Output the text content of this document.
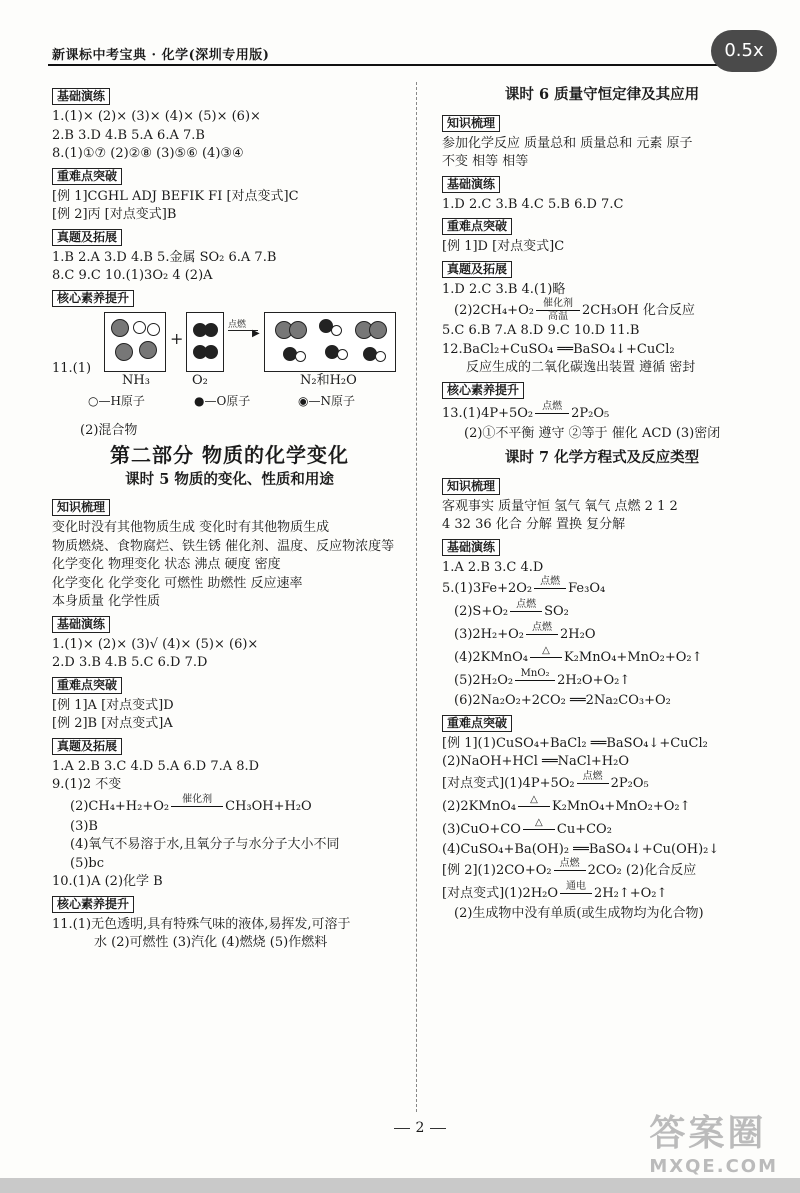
新课标中考宝典 · 化学(深圳专用版)	0.5x
基础演练
1.(1)× (2)× (3)× (4)× (5)× (6)×
2.B 3.D 4.B 5.A 6.A 7.B
8.(1)①⑦ (2)②⑧ (3)⑤⑥ (4)③④
重难点突破
[例 1]CGHL ADJ BEFIK FI [对点变式]C
[例 2]丙 [对点变式]B
真题及拓展
1.B 2.A 3.D 4.B 5.金属 SO₂ 6.A 7.B
8.C 9.C 10.(1)3O₂ 4 (2)A
核心素养提升
11.(1)
+
点燃
▶
NH₃	O₂	N₂和H₂O
○—H原子	●—O原子	◉—N原子
(2)混合物
第二部分 物质的化学变化
课时 5 物质的变化、性质和用途
知识梳理
变化时没有其他物质生成 变化时有其他物质生成
物质燃烧、食物腐烂、铁生锈 催化剂、温度、反应物浓度等
化学变化 物理变化 状态 沸点 硬度 密度
化学变化 化学变化 可燃性 助燃性 反应速率
本身质量 化学性质
基础演练
1.(1)× (2)× (3)√ (4)× (5)× (6)×
2.D 3.B 4.B 5.C 6.D 7.D
重难点突破
[例 1]A [对点变式]D
[例 2]B [对点变式]A
真题及拓展
1.A 2.B 3.C 4.D 5.A 6.D 7.A 8.D
9.(1)2 不变
(2)CH₄+H₂+O₂	催化剂
	CH₃OH+H₂O
(3)B
(4)氧气不易溶于水,且氧分子与水分子大小不同
(5)bc
10.(1)A (2)化学 B
核心素养提升
11.(1)无色透明,具有特殊气味的液体,易挥发,可溶于
水 (2)可燃性 (3)汽化 (4)燃烧 (5)作燃料
课时 6 质量守恒定律及其应用
知识梳理
参加化学反应 质量总和 质量总和 元素 原子
不变 相等 相等
基础演练
1.D 2.C 3.B 4.C 5.B 6.D 7.C
重难点突破
[例 1]D [对点变式]C
真题及拓展
1.D 2.C 3.B 4.(1)略
(2)2CH₄+O₂ 催化剂
高温	2CH₃OH 化合反应
5.C 6.B 7.A 8.D 9.C 10.D 11.B
12.BaCl₂+CuSO₄ ══BaSO₄↓+CuCl₂
反应生成的二氧化碳逸出装置 遵循 密封
核心素养提升
13.(1)4P+5O₂ 点燃
2P₂O₅
(2)①不平衡 遵守 ②等于 催化 ACD (3)密闭
课时 7 化学方程式及反应类型
知识梳理
客观事实 质量守恒 氢气 氧气 点燃 2 1 2
4 32 36 化合 分解 置换 复分解
基础演练
1.A 2.B 3.C 4.D
5.(1)3Fe+2O₂ 点燃
Fe₃O₄
(2)S+O₂ 点燃
SO₂
(3)2H₂+O₂ 点燃
2H₂O
(4)2KMnO₄	△
	K₂MnO₄+MnO₂+O₂↑
(5)2H₂O₂ MnO₂
2H₂O+O₂↑
(6)2Na₂O₂+2CO₂ ══2Na₂CO₃+O₂
重难点突破
[例 1](1)CuSO₄+BaCl₂ ══BaSO₄↓+CuCl₂
(2)NaOH+HCl ══NaCl+H₂O
[对点变式](1)4P+5O₂ 点燃
2P₂O₅
(2)2KMnO₄	△
	K₂MnO₄+MnO₂+O₂↑
(3)CuO+CO	△
	Cu+CO₂
(4)CuSO₄+Ba(OH)₂ ══BaSO₄↓+Cu(OH)₂↓
[例 2](1)2CO+O₂ 点燃
2CO₂ (2)化合反应
[对点变式](1)2H₂O 通电
2H₂↑+O₂↑
(2)生成物中没有单质(或生成物均为化合物)
2	答案圈
MXQE.COM
